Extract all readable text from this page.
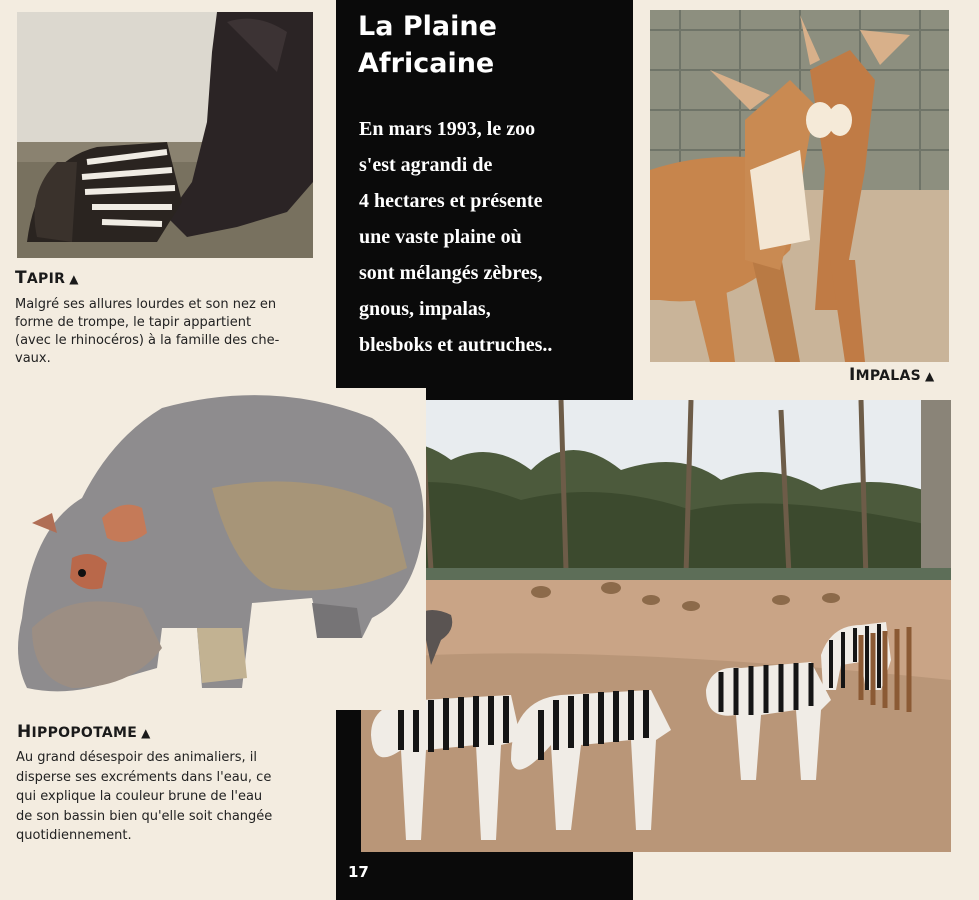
TAPIR ▲
Malgré ses allures lourdes et son nez en
forme de trompe, le tapir appartient
(avec le rhinocéros) à la famille des che-
vaux.
La Plaine
Africaine
En mars 1993, le zoo
s'est agrandi de
4 hectares et présente
une vaste plaine où
sont mélangés zèbres,
gnous, impalas,
blesboks et autruches..
IMPALAS ▲
HIPPOPOTAME ▲
Au grand désespoir des animaliers, il
disperse ses excréments dans l'eau, ce
qui explique la couleur brune de l'eau
de son bassin bien qu'elle soit changée
quotidiennement.
17
